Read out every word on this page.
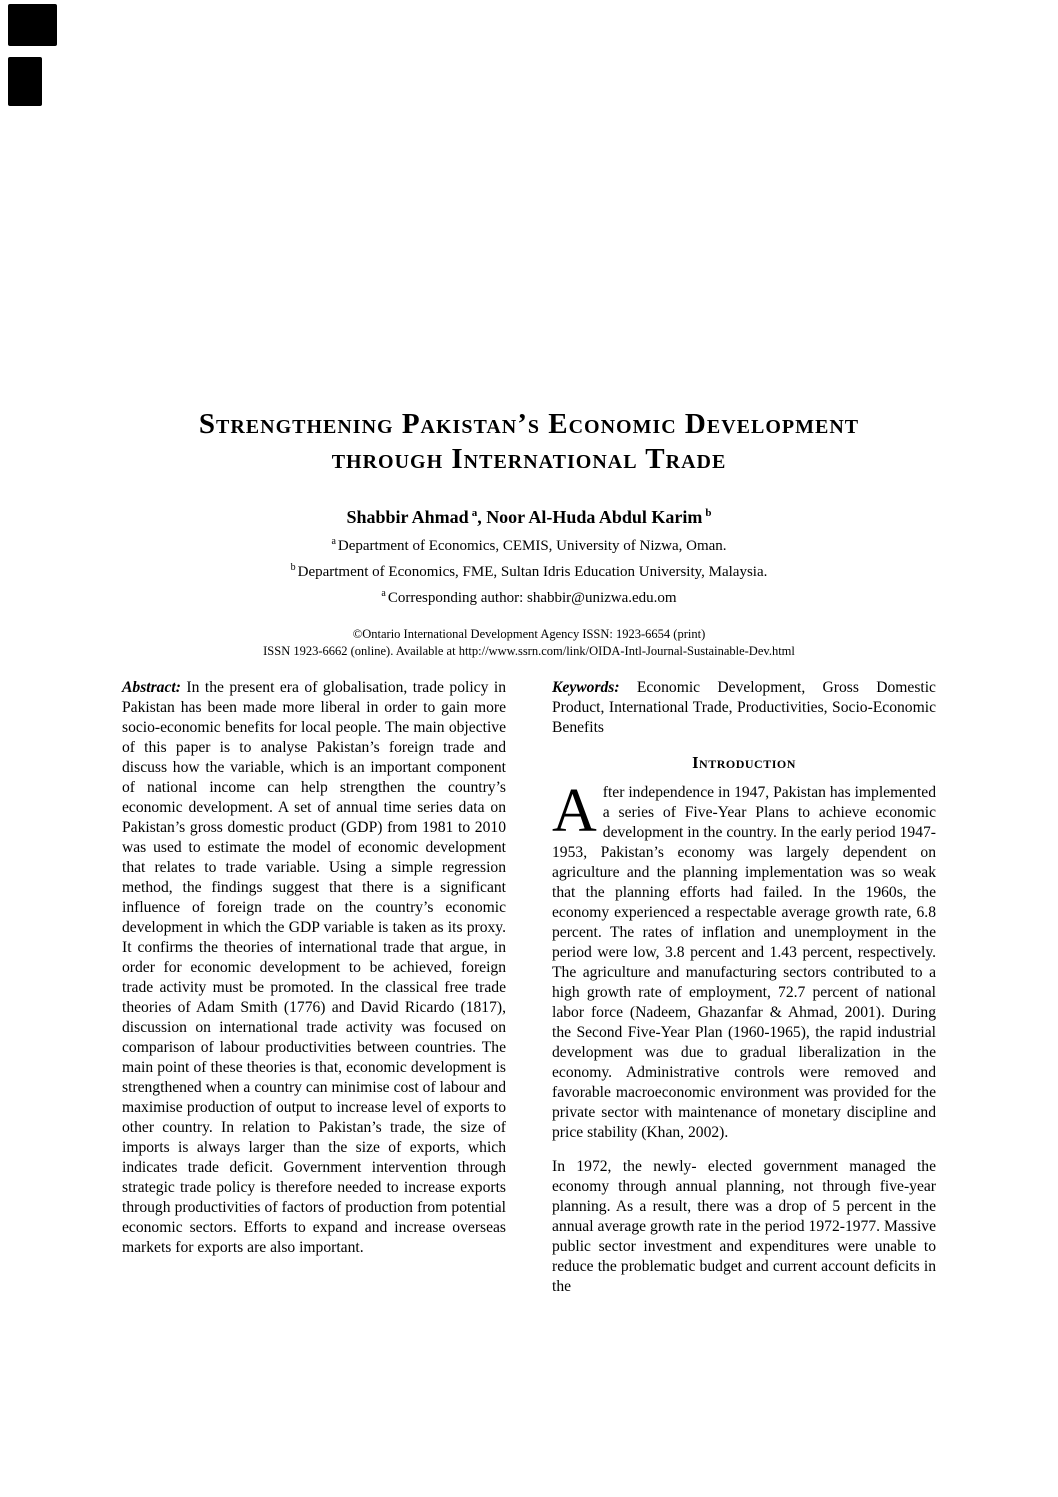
Strengthening Pakistan’s Economic Development
through International Trade

Shabbir Ahmad $^a$, Noor Al-Huda Abdul Karim $^b$

$^a$ Department of Economics, CEMIS, University of Nizwa, Oman.

$^b$ Department of Economics, FME, Sultan Idris Education University, Malaysia.

$^a$ Corresponding author: shabbir@unizwa.edu.om

©Ontario International Development Agency ISSN: 1923-6654 (print)

ISSN 1923-6662 (online). Available at http://www.ssrn.com/link/OIDA-Intl-Journal-Sustainable-Dev.html

Abstract: In the present era of globalisation, trade policy in Pakistan has been made more liberal in order to gain more socio-economic benefits for local people. The main objective of this paper is to analyse Pakistan’s foreign trade and discuss how the variable, which is an important component of national income can help strengthen the country’s economic development. A set of annual time series data on Pakistan’s gross domestic product (GDP) from 1981 to 2010 was used to estimate the model of economic development that relates to trade variable. Using a simple regression method, the findings suggest that there is a significant influence of foreign trade on the country’s economic development in which the GDP variable is taken as its proxy. It confirms the theories of international trade that argue, in order for economic development to be achieved, foreign trade activity must be promoted. In the classical free trade theories of Adam Smith (1776) and David Ricardo (1817), discussion on international trade activity was focused on comparison of labour productivities between countries. The main point of these theories is that, economic development is strengthened when a country can minimise cost of labour and maximise production of output to increase level of exports to other country. In relation to Pakistan’s trade, the size of imports is always larger than the size of exports, which indicates trade deficit. Government intervention through strategic trade policy is therefore needed to increase exports through productivities of factors of production from potential economic sectors. Efforts to expand and increase overseas markets for exports are also important.

Keywords: Economic Development, Gross Domestic Product, International Trade, Productivities, Socio-Economic Benefits

Introduction

After independence in 1947, Pakistan has implemented a series of Five-Year Plans to achieve economic development in the country. In the early period 1947-1953, Pakistan’s economy was largely dependent on agriculture and the planning implementation was so weak that the planning efforts had failed. In the 1960s, the economy experienced a respectable average growth rate, 6.8 percent. The rates of inflation and unemployment in the period were low, 3.8 percent and 1.43 percent, respectively. The agriculture and manufacturing sectors contributed to a high growth rate of employment, 72.7 percent of national labor force (Nadeem, Ghazanfar & Ahmad, 2001). During the Second Five-Year Plan (1960-1965), the rapid industrial development was due to gradual liberalization in the economy. Administrative controls were removed and favorable macroeconomic environment was provided for the private sector with maintenance of monetary discipline and price stability (Khan, 2002).

In 1972, the newly- elected government managed the economy through annual planning, not through five-year planning. As a result, there was a drop of 5 percent in the annual average growth rate in the period 1972-1977. Massive public sector investment and expenditures were unable to reduce the problematic budget and current account deficits in the
